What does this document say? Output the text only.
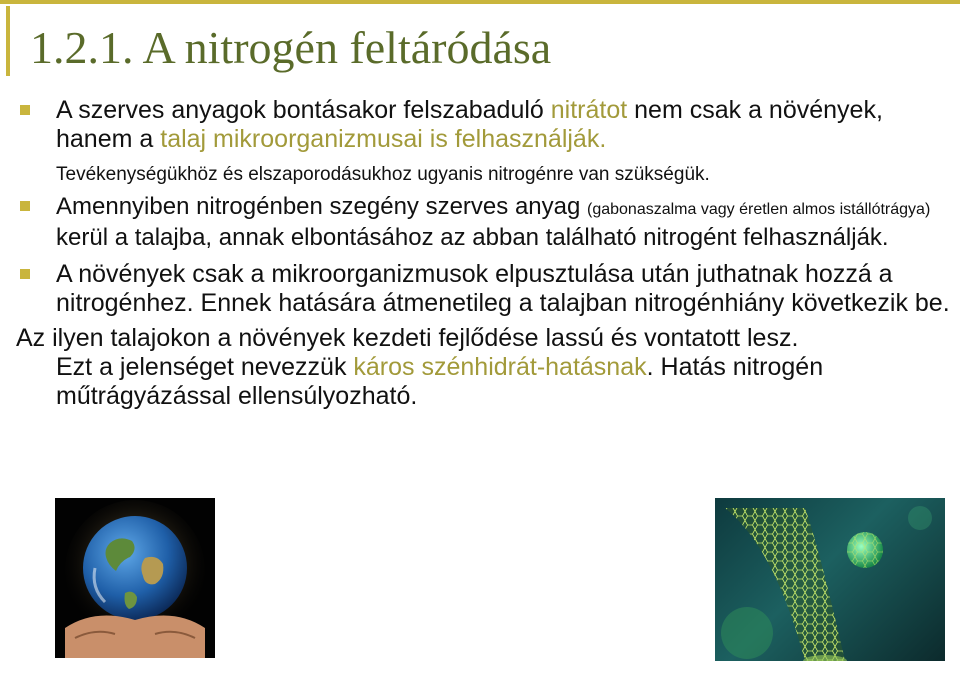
1.2.1. A nitrogén feltáródása

A szerves anyagok bontásakor felszabaduló nitrátot nem csak a növények, hanem a talaj mikroorganizmusai is felhasználják.
Tevékenységükhöz és elszaporodásukhoz ugyanis nitrogénre van szükségük.

Amennyiben nitrogénben szegény szerves anyag (gabonaszalma vagy éretlen almos istállótrágya) kerül a talajba, annak elbontásához az abban található nitrogént felhasználják.

A növények csak a mikroorganizmusok elpusztulása után juthatnak hozzá a nitrogénhez. Ennek hatására átmenetileg a talajban nitrogénhiány következik be.

Az ilyen talajokon a növények kezdeti fejlődése lassú és vontatott lesz.
Ezt a jelenséget nevezzük káros szénhidrát-hatásnak. Hatás nitrogén műtrágyázással ellensúlyozható.
